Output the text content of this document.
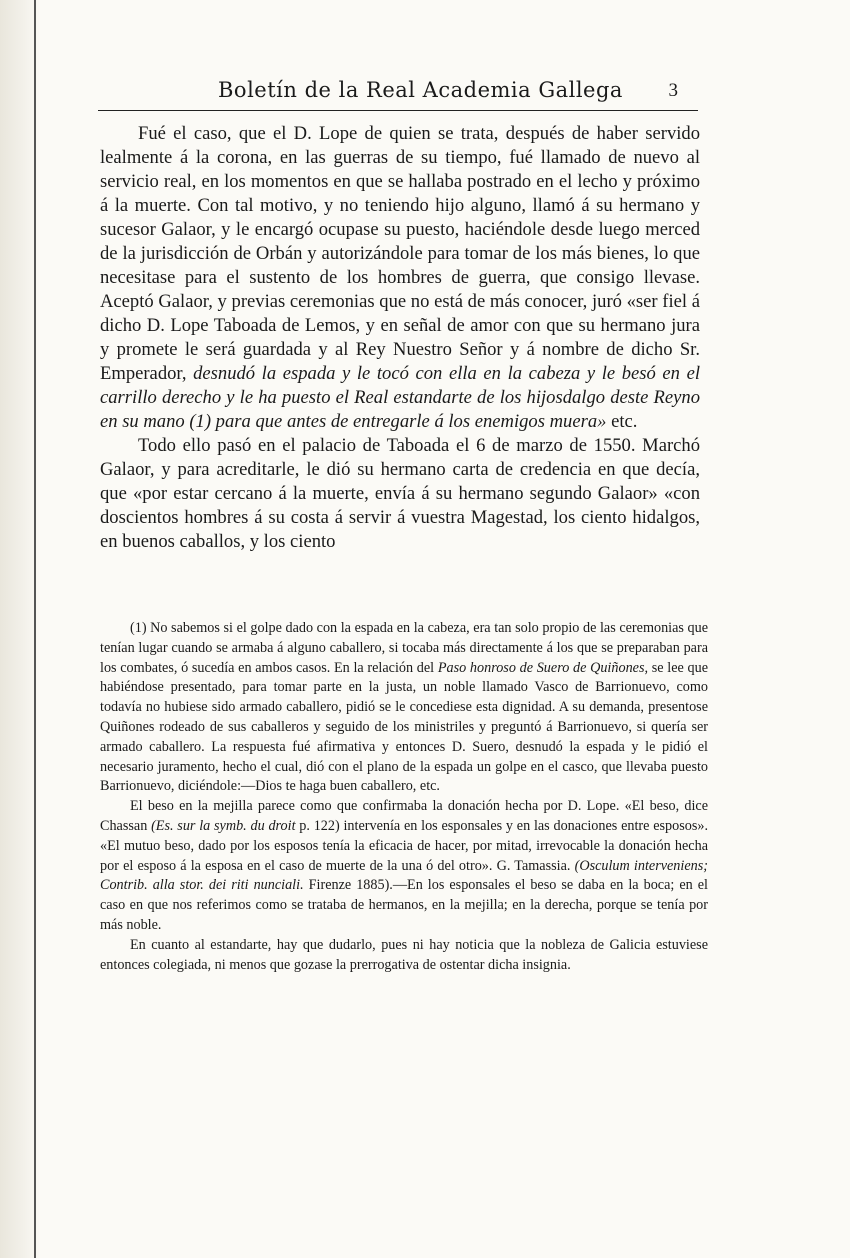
Boletín de la Real Academia Gallega 3

Fué el caso, que el D. Lope de quien se trata, después de haber servido lealmente á la corona, en las guerras de su tiempo, fué llamado de nuevo al servicio real, en los momentos en que se hallaba postrado en el lecho y próximo á la muerte. Con tal motivo, y no teniendo hijo alguno, llamó á su hermano y sucesor Galaor, y le encargó ocupase su puesto, haciéndole desde luego merced de la jurisdicción de Orbán y autorizándole para tomar de los más bienes, lo que necesitase para el sustento de los hombres de guerra, que consigo llevase. Aceptó Galaor, y previas ceremonias que no está de más conocer, juró «ser fiel á dicho D. Lope Taboada de Lemos, y en señal de amor con que su hermano jura y promete le será guardada y al Rey Nuestro Señor y á nombre de dicho Sr. Emperador, desnudó la espada y le tocó con ella en la cabeza y le besó en el carrillo derecho y le ha puesto el Real estandarte de los hijosdalgo deste Reyno en su mano (1) para que antes de entregarle á los enemigos muera» etc.

Todo ello pasó en el palacio de Taboada el 6 de marzo de 1550. Marchó Galaor, y para acreditarle, le dió su hermano carta de credencia en que decía, que «por estar cercano á la muerte, envía á su hermano segundo Galaor» «con doscientos hombres á su costa á servir á vuestra Magestad, los ciento hidalgos, en buenos caballos, y los ciento

(1) No sabemos si el golpe dado con la espada en la cabeza, era tan solo propio de las ceremonias que tenían lugar cuando se armaba á alguno caballero, si tocaba más directamente á los que se preparaban para los combates, ó sucedía en ambos casos. En la relación del Paso honroso de Suero de Quiñones, se lee que habiéndose presentado, para tomar parte en la justa, un noble llamado Vasco de Barrionuevo, como todavía no hubiese sido armado caballero, pidió se le concediese esta dignidad. A su demanda, presentose Quiñones rodeado de sus caballeros y seguido de los ministriles y preguntó á Barrionuevo, si quería ser armado caballero. La respuesta fué afirmativa y entonces D. Suero, desnudó la espada y le pidió el necesario juramento, hecho el cual, dió con el plano de la espada un golpe en el casco, que llevaba puesto Barrionuevo, diciéndole:—Dios te haga buen caballero, etc.

El beso en la mejilla parece como que confirmaba la donación hecha por D. Lope. «El beso, dice Chassan (Es. sur la symb. du droit p. 122) intervenía en los esponsales y en las donaciones entre esposos». «El mutuo beso, dado por los esposos tenía la eficacia de hacer, por mitad, irrevocable la donación hecha por el esposo á la esposa en el caso de muerte de la una ó del otro». G. Tamassia. (Osculum interveniens; Contrib. alla stor. dei riti nunciali. Firenze 1885).—En los esponsales el beso se daba en la boca; en el caso en que nos referimos como se trataba de hermanos, en la mejilla; en la derecha, porque se tenía por más noble.

En cuanto al estandarte, hay que dudarlo, pues ni hay noticia que la nobleza de Galicia estuviese entonces colegiada, ni menos que gozase la prerrogativa de ostentar dicha insignia.
